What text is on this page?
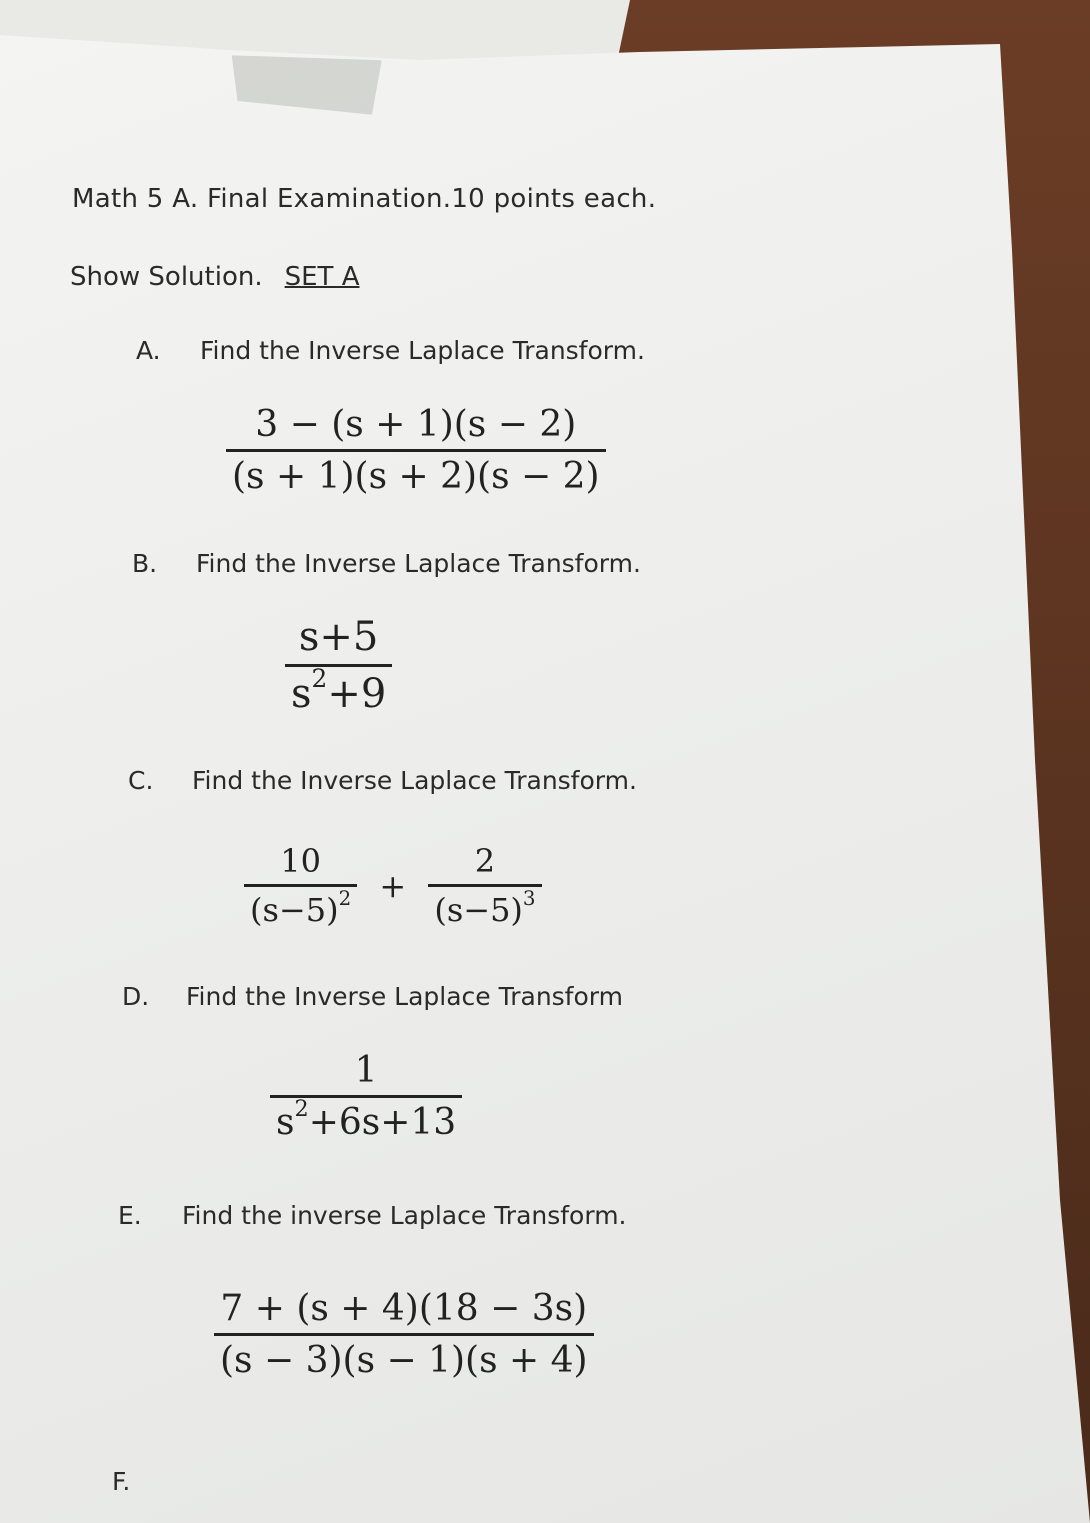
Math 5 A. Final Examination.10 points each.
Show Solution. SET A
A. Find the Inverse Laplace Transform.
$\frac{3 - (s + 1)(s - 2)}{(s + 1)(s + 2)(s - 2)}$
B. Find the Inverse Laplace Transform.
$\frac{s+5}{s^2+9}$
C. Find the Inverse Laplace Transform.
$\frac{10}{(s-5)^2} + \frac{2}{(s-5)^3}$
D. Find the Inverse Laplace Transform
$\frac{1}{s^2+6s+13}$
E. Find the inverse Laplace Transform.
$\frac{7 + (s + 4)(18 - 3s)}{(s - 3)(s - 1)(s + 4)}$
F.
